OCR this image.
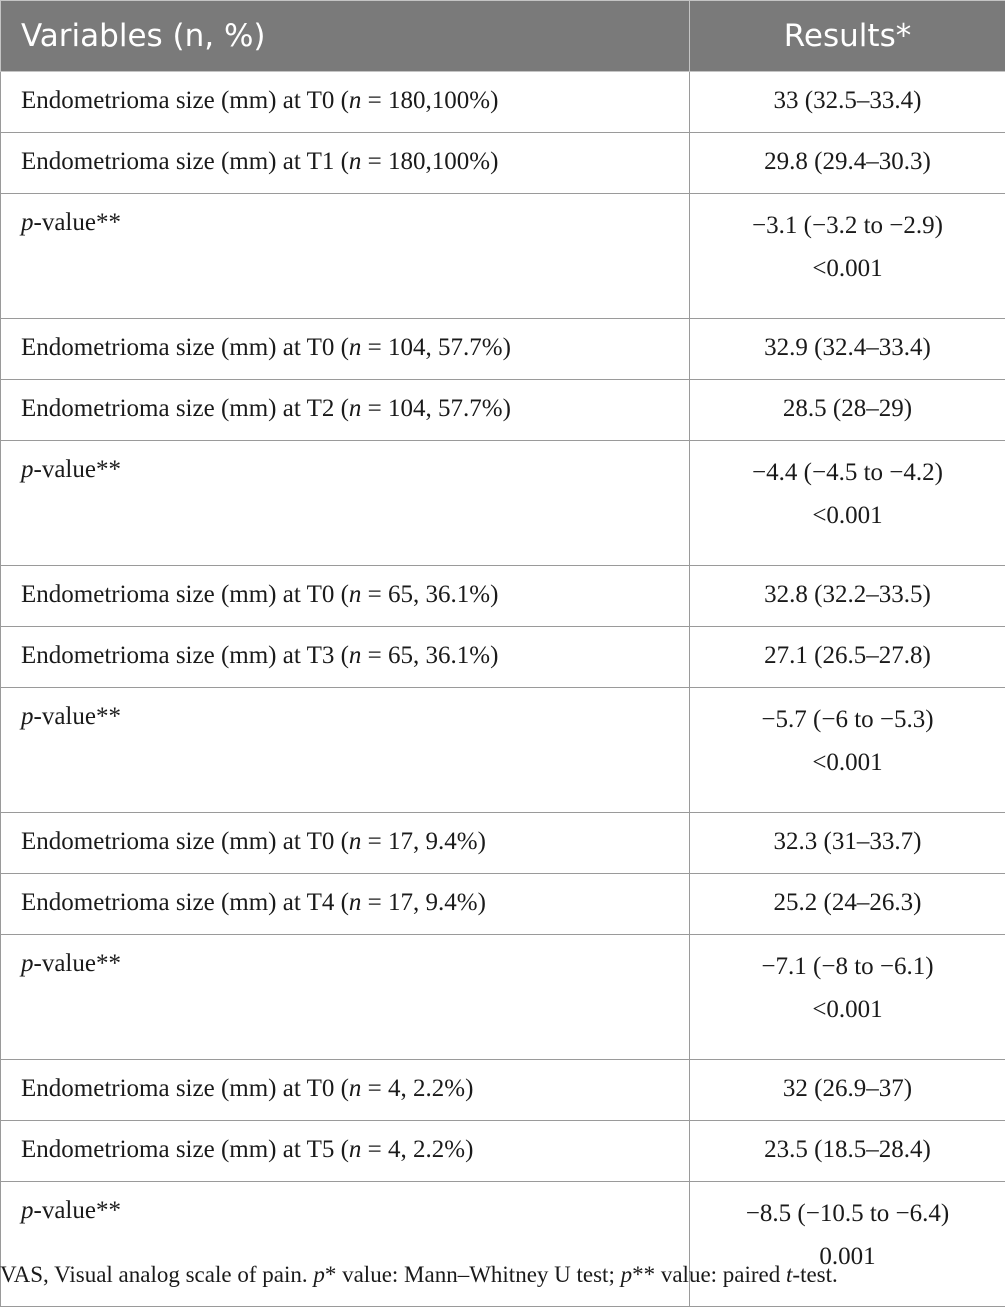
Variables (n, %)	Results*
Endometrioma size (mm) at T0 (n = 180,100%)	33 (32.5–33.4)
Endometrioma size (mm) at T1 (n = 180,100%)	29.8 (29.4–30.3)
p-value**	−3.1 (−3.2 to −2.9)
<0.001

Endometrioma size (mm) at T0 (n = 104, 57.7%)	32.9 (32.4–33.4)
Endometrioma size (mm) at T2 (n = 104, 57.7%)	28.5 (28–29)
p-value**	−4.4 (−4.5 to −4.2)
<0.001

Endometrioma size (mm) at T0 (n = 65, 36.1%)	32.8 (32.2–33.5)
Endometrioma size (mm) at T3 (n = 65, 36.1%)	27.1 (26.5–27.8)
p-value**	−5.7 (−6 to −5.3)
<0.001

Endometrioma size (mm) at T0 (n = 17, 9.4%)	32.3 (31–33.7)
Endometrioma size (mm) at T4 (n = 17, 9.4%)	25.2 (24–26.3)
p-value**	−7.1 (−8 to −6.1)
<0.001

Endometrioma size (mm) at T0 (n = 4, 2.2%)	32 (26.9–37)
Endometrioma size (mm) at T5 (n = 4, 2.2%)	23.5 (18.5–28.4)
p-value**	−8.5 (−10.5 to −6.4)
0.001
VAS, Visual analog scale of pain. p* value: Mann–Whitney U test; p** value: paired t-test.
